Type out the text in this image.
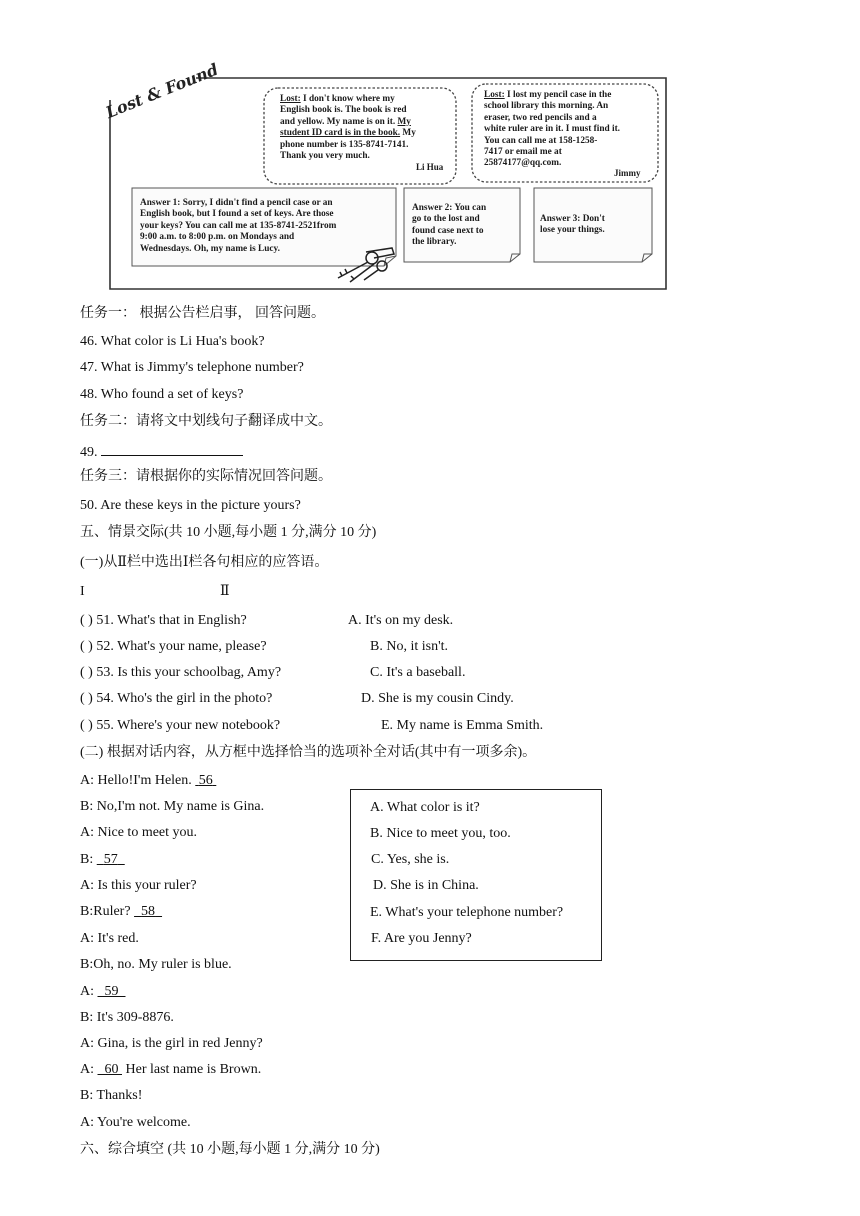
Lost & Found	Lost: I don't know where my
English book is. The book is red
and yellow. My name is on it. My
student ID card is in the book. My
phone number is 135-8741-7141.
Thank you very much.
Li Hua
Lost: I lost my pencil case in the
school library this morning. An
eraser, two red pencils and a
white ruler are in it. I must find it.
You can call me at 158-1258-
7417 or email me at
25874177@qq.com.
Jimmy
Answer 1: Sorry, I didn't find a pencil case or an
English book, but I found a set of keys. Are those
your keys? You can call me at 135-8741-2521from
9:00 a.m. to 8:00 p.m. on Mondays and
Wednesdays. Oh, my name is Lucy.
Answer 2: You can
go to the lost and
found case next to
the library.
Answer 3: Don't
lose your things.
任务一： 根据公告栏启事， 回答问题。
46. What color is Li Hua's book?
47. What is Jimmy's telephone number?
48. Who found a set of keys?
任务二：请将文中划线句子翻译成中文。
49.
任务三：请根据你的实际情况回答问题。
50. Are these keys in the picture yours?
五、情景交际(共 10 小题,每小题 1 分,满分 10 分)
(一)从Ⅱ栏中选出Ⅰ栏各句相应的应答语。
I	Ⅱ
( ) 51. What's that in English?	A. It's on my desk.
( ) 52. What's your name, please?	B. No, it isn't.
( ) 53. Is this your schoolbag, Amy?	C. It's a baseball.
( ) 54. Who's the girl in the photo?	D. She is my cousin Cindy.
( ) 55. Where's your new notebook?	E. My name is Emma Smith.
(二) 根据对话内容，从方框中选择恰当的选项补全对话(其中有一项多余)。
A: Hello!I'm Helen.  56
B: No,I'm not. My name is Gina.
A: Nice to meet you.
B:   57
A: Is this your ruler?
B:Ruler?   58
A: It's red.
B:Oh, no. My ruler is blue.
A:   59
B: It's 309-8876.
A: Gina, is the girl in red Jenny?
A:   60  Her last name is Brown.
B: Thanks!
A: You're welcome.
A. What color is it?
B. Nice to meet you, too.
C. Yes, she is.
D. She is in China.
E. What's your telephone number?
F. Are you Jenny?
六、综合填空 (共 10 小题,每小题 1 分,满分 10 分)
